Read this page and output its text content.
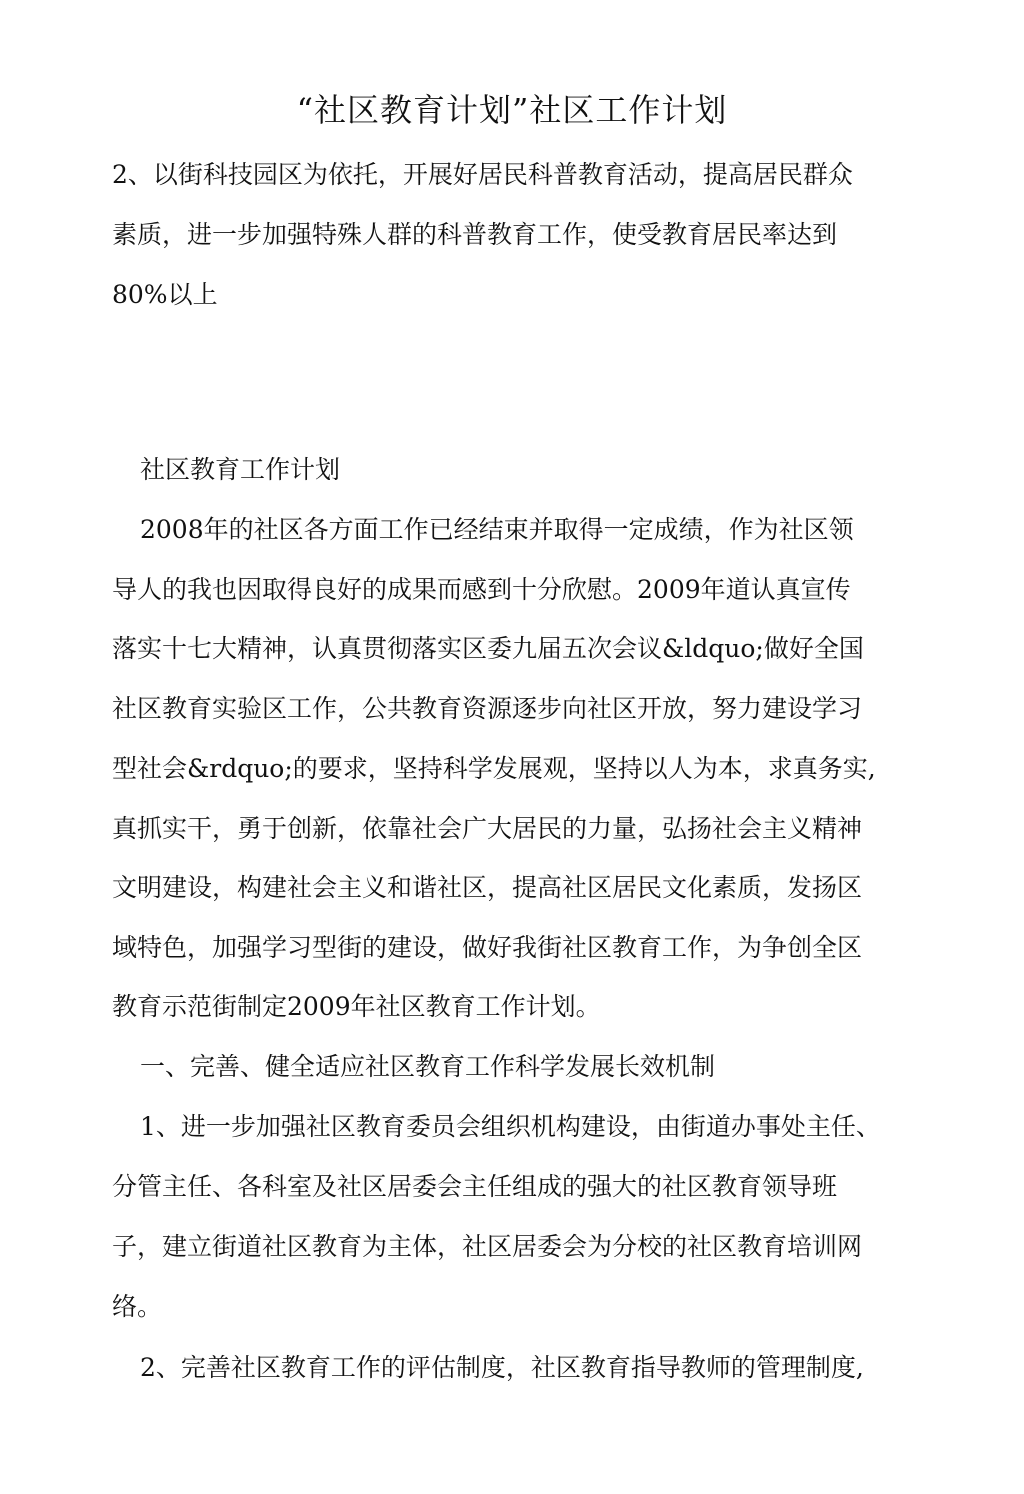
“社区教育计划”社区工作计划
2、以街科技园区为依托，开展好居民科普教育活动，提高居民群众
素质，进一步加强特殊人群的科普教育工作，使受教育居民率达到
80%以上
社区教育工作计划
2008年的社区各方面工作已经结束并取得一定成绩，作为社区领
导人的我也因取得良好的成果而感到十分欣慰。2009年道认真宣传
落实十七大精神，认真贯彻落实区委九届五次会议&ldquo;做好全国
社区教育实验区工作，公共教育资源逐步向社区开放，努力建设学习
型社会&rdquo;的要求，坚持科学发展观，坚持以人为本，求真务实,
真抓实干，勇于创新，依靠社会广大居民的力量，弘扬社会主义精神
文明建设，构建社会主义和谐社区，提高社区居民文化素质，发扬区
域特色，加强学习型街的建设，做好我街社区教育工作，为争创全区
教育示范街制定2009年社区教育工作计划。
一、完善、健全适应社区教育工作科学发展长效机制
1、进一步加强社区教育委员会组织机构建设，由街道办事处主任、
分管主任、各科室及社区居委会主任组成的强大的社区教育领导班
子，建立街道社区教育为主体，社区居委会为分校的社区教育培训网
络。
2、完善社区教育工作的评估制度，社区教育指导教师的管理制度,
